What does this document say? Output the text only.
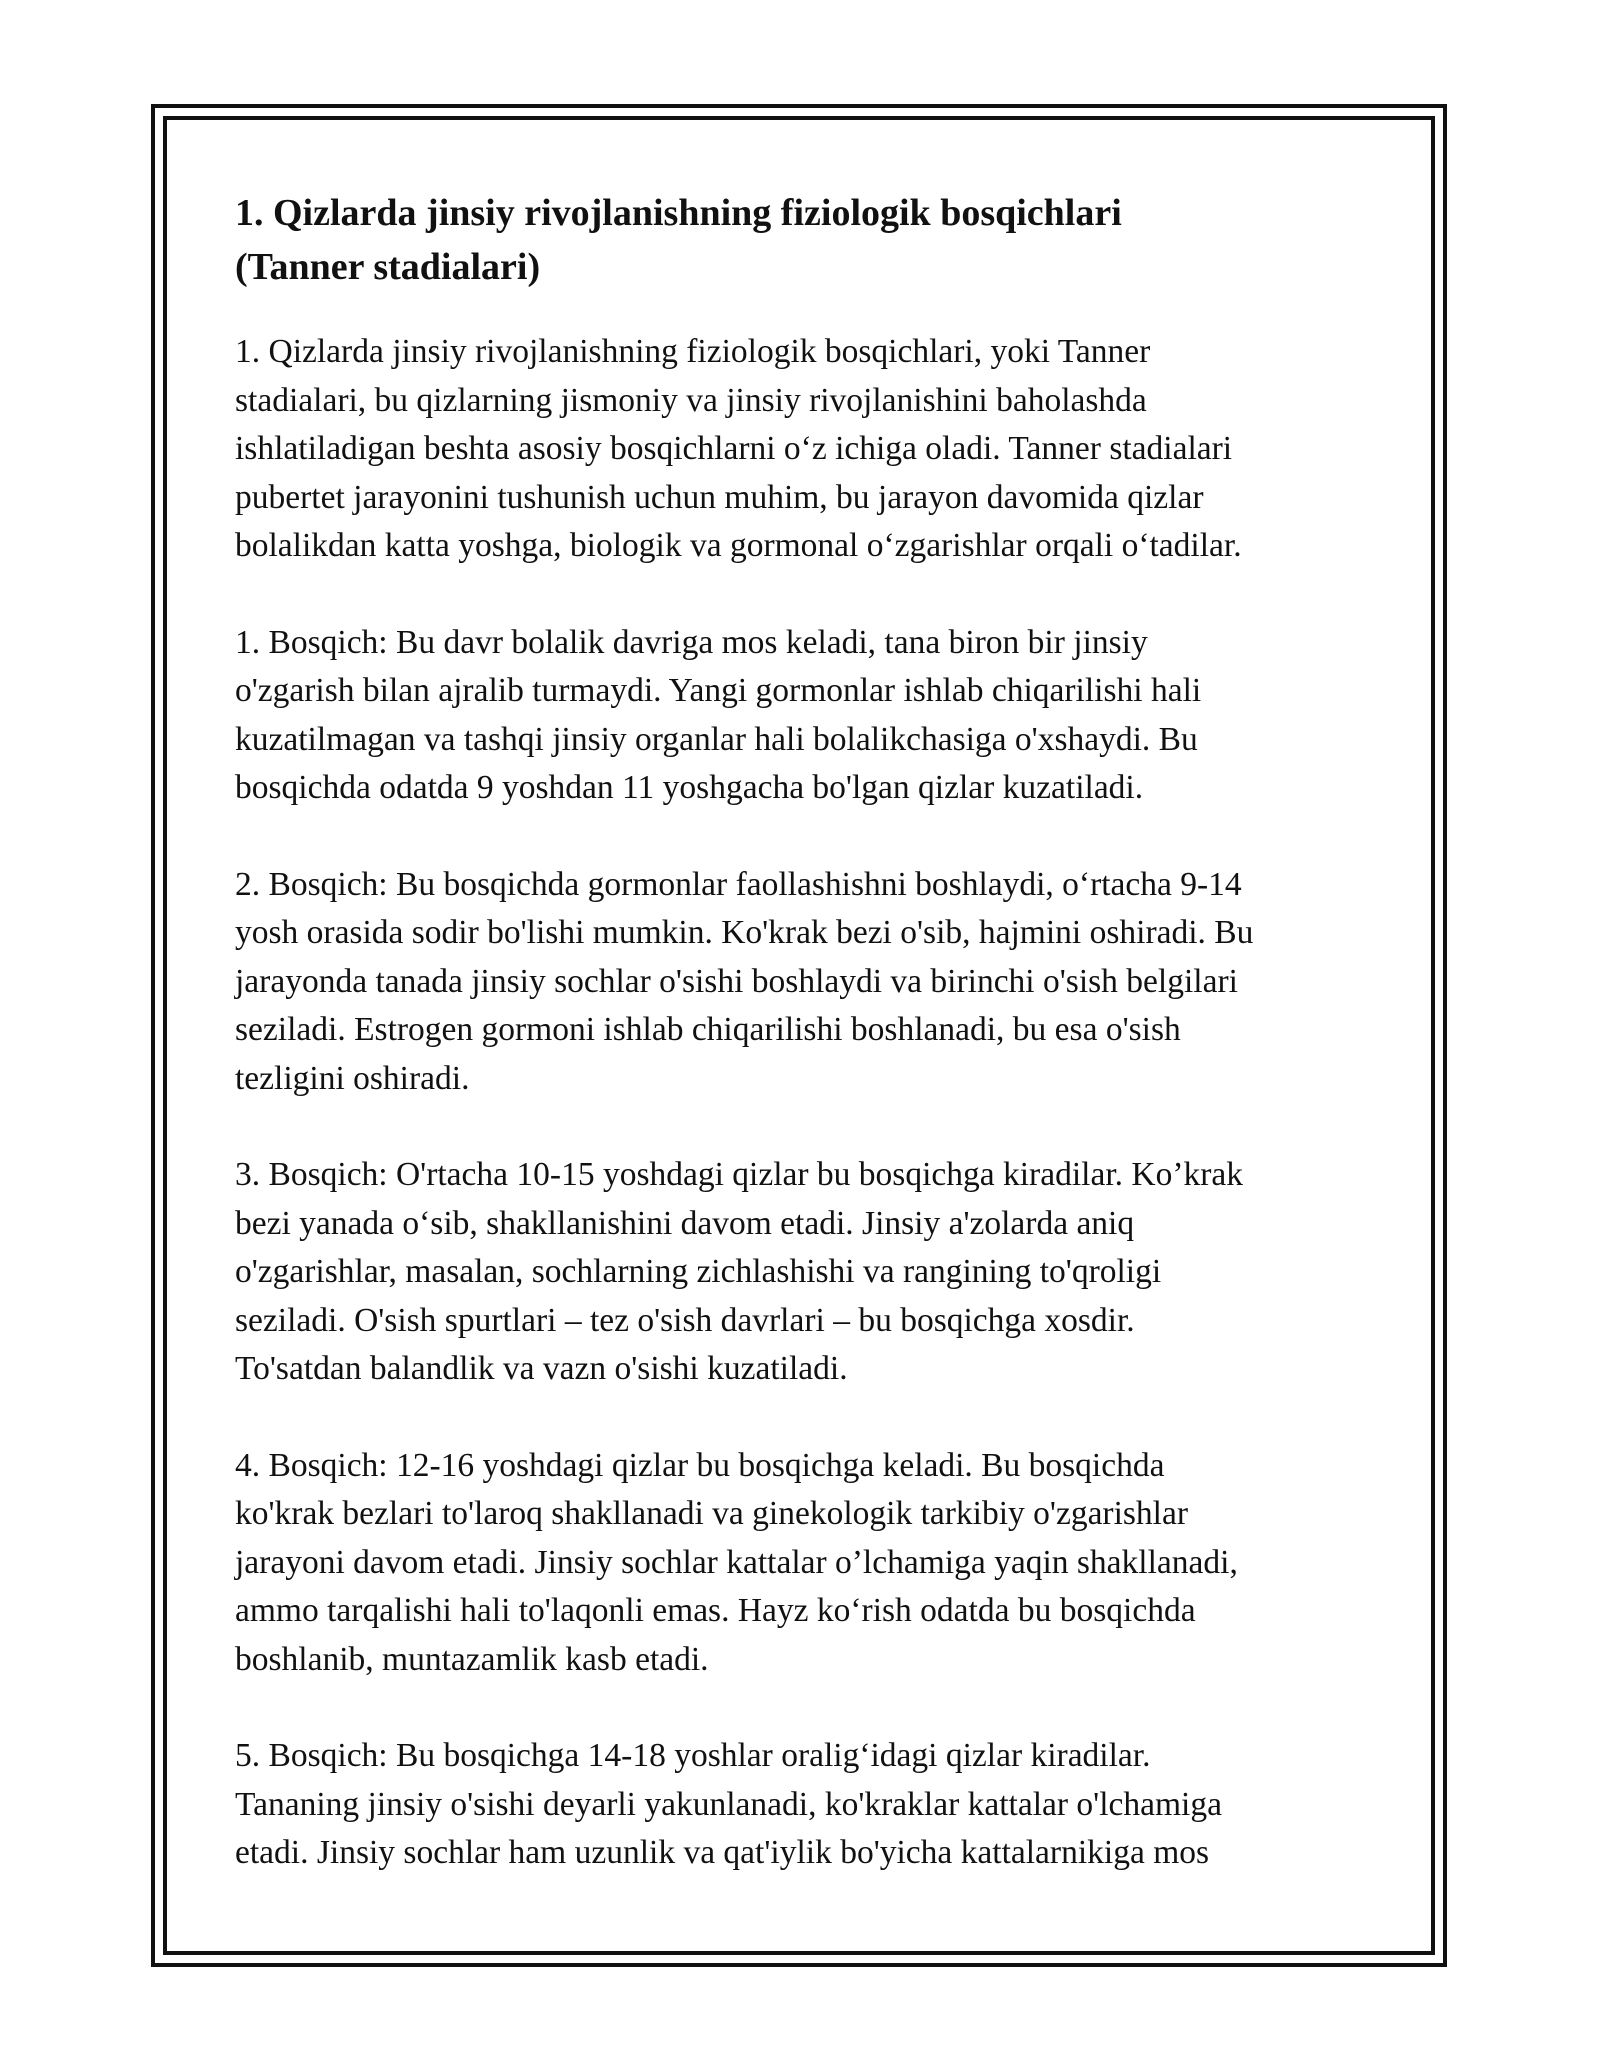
1. Qizlarda jinsiy rivojlanishning fiziologik bosqichlari
(Tanner stadialari)

1. Qizlarda jinsiy rivojlanishning fiziologik bosqichlari, yoki Tanner
stadialari, bu qizlarning jismoniy va jinsiy rivojlanishini baholashda
ishlatiladigan beshta asosiy bosqichlarni o‘z ichiga oladi. Tanner stadialari
pubertet jarayonini tushunish uchun muhim, bu jarayon davomida qizlar
bolalikdan katta yoshga, biologik va gormonal o‘zgarishlar orqali o‘tadilar.

1. Bosqich: Bu davr bolalik davriga mos keladi, tana biron bir jinsiy
o'zgarish bilan ajralib turmaydi. Yangi gormonlar ishlab chiqarilishi hali
kuzatilmagan va tashqi jinsiy organlar hali bolalikchasiga o'xshaydi. Bu
bosqichda odatda 9 yoshdan 11 yoshgacha bo'lgan qizlar kuzatiladi.

2. Bosqich: Bu bosqichda gormonlar faollashishni boshlaydi, o‘rtacha 9-14
yosh orasida sodir bo'lishi mumkin. Ko'krak bezi o'sib, hajmini oshiradi. Bu
jarayonda tanada jinsiy sochlar o'sishi boshlaydi va birinchi o'sish belgilari
seziladi. Estrogen gormoni ishlab chiqarilishi boshlanadi, bu esa o'sish
tezligini oshiradi.

3. Bosqich: O'rtacha 10-15 yoshdagi qizlar bu bosqichga kiradilar. Ko’krak
bezi yanada o‘sib, shakllanishini davom etadi. Jinsiy a'zolarda aniq
o'zgarishlar, masalan, sochlarning zichlashishi va rangining to'qroligi
seziladi. O'sish spurtlari – tez o'sish davrlari – bu bosqichga xosdir.
To'satdan balandlik va vazn o'sishi kuzatiladi.

4. Bosqich: 12-16 yoshdagi qizlar bu bosqichga keladi. Bu bosqichda
ko'krak bezlari to'laroq shakllanadi va ginekologik tarkibiy o'zgarishlar
jarayoni davom etadi. Jinsiy sochlar kattalar o’lchamiga yaqin shakllanadi,
ammo tarqalishi hali to'laqonli emas. Hayz ko‘rish odatda bu bosqichda
boshlanib, muntazamlik kasb etadi.

5. Bosqich: Bu bosqichga 14-18 yoshlar oralig‘idagi qizlar kiradilar.
Tananing jinsiy o'sishi deyarli yakunlanadi, ko'kraklar kattalar o'lchamiga
etadi. Jinsiy sochlar ham uzunlik va qat'iylik bo'yicha kattalarnikiga mos
